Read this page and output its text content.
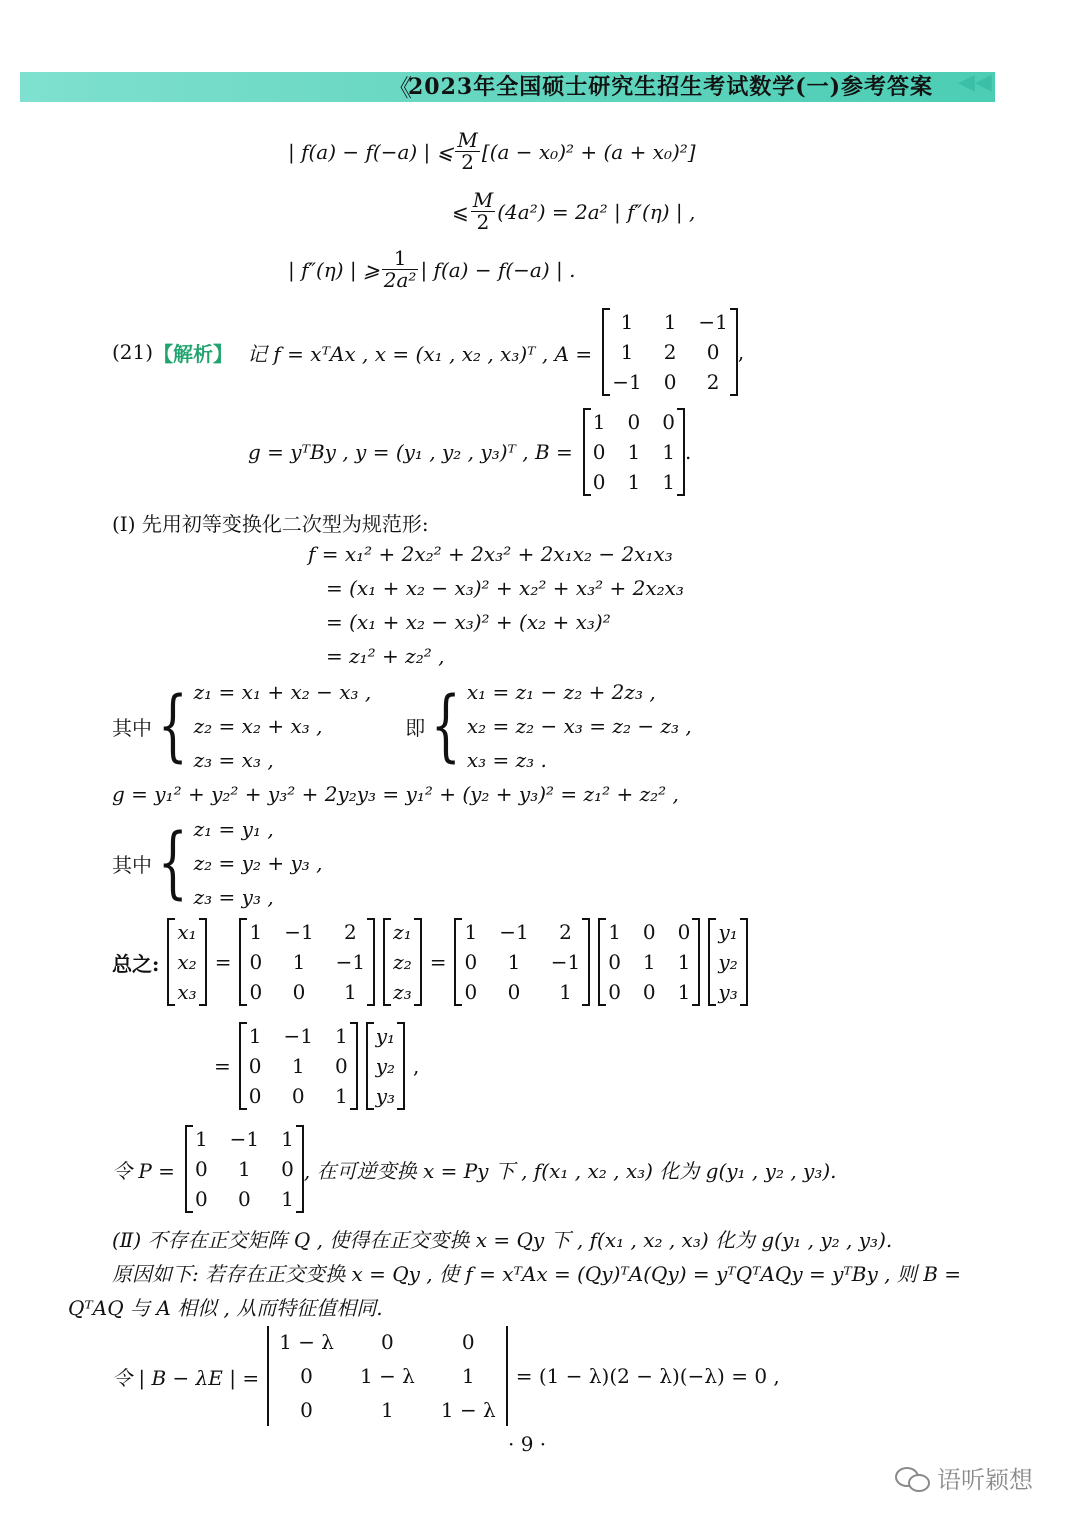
《
2023年全国硕士研究生招生考试数学(一)参考答案 ◀◀
| f(a) − f(−a) | ⩽ $\frac{M}{2} [(a - x_0)^2 + (a + x_0)^2]$
⩽ $\frac{M}{2} (4a^2) = 2a^2$ | f″(η) | ,
| f″(η) | ⩾ $\frac{1}{\text{2a²}}$ | f(a) − f(−a) | .
(21) 【解析】 记 f = xᵀAx , x = (x₁ , x₂ , x₃)ᵀ , A =
1	1 −1
1	2	0
−1 0	2
,
g = yᵀBy , y = (y₁ , y₂ , y₃)ᵀ , B =
1 0 0
0 1 1
0 1 1
.
(Ⅰ) 先用初等变换化二次型为规范形:
f = x₁² + 2x₂² + 2x₃² + 2x₁x₂ − 2x₁x₃
= (x₁ + x₂ − x₃)² + x₂² + x₃² + 2x₂x₃
= (x₁ + x₂ − x₃)² + (x₂ + x₃)²
= z₁² + z₂² ,
其中 { z₁ = x₁ + x₂ − x₃ ,
z₂ = x₂ + x₃ ,
z₃ = x₃ ,
即 { x₁ = z₁ − z₂ + 2z₃ ,
x₂ = z₂ − x₃ = z₂ − z₃ ,
x₃ = z₃ .
g = y₁² + y₂² + y₃² + 2y₂y₃ = y₁² + (y₂ + y₃)² = z₁² + z₂² ,
其中 { z₁ = y₁ ,
z₂ = y₂ + y₃ ,
z₃ = y₃ ,
总之:
x₁
x₂
x₃
=
1 −1	2
0	1	−1
0	0	1
z₁
z₂
z₃
=
1 −1	2
0	1	−1
0	0	1
1 0 0
0 1 1
0 0 1
y₁
y₂
y₃
=
1 −1 1
0	1	0
0	0	1
y₁
y₂
y₃
,
令 P =
1 −1 1
0	1	0
0	0	1
, 在可逆变换 x = Py 下 , f(x₁ , x₂ , x₃) 化为 g(y₁ , y₂ , y₃).
(Ⅱ) 不存在正交矩阵 Q , 使得在正交变换 x = Qy 下 , f(x₁ , x₂ , x₃) 化为 g(y₁ , y₂ , y₃).
原因如下: 若存在正交变换 x = Qy , 使 f = xᵀAx = (Qy)ᵀA(Qy) = yᵀQᵀAQy = yᵀBy , 则 B =
QᵀAQ 与 A 相似 , 从而特征值相同.
令 | B − λE | =
1 − λ	0	0
0	1 − λ	1
0	1	1 − λ
= (1 − λ)(2 − λ)(−λ) = 0 ,
· 9 ·
语听颖想
